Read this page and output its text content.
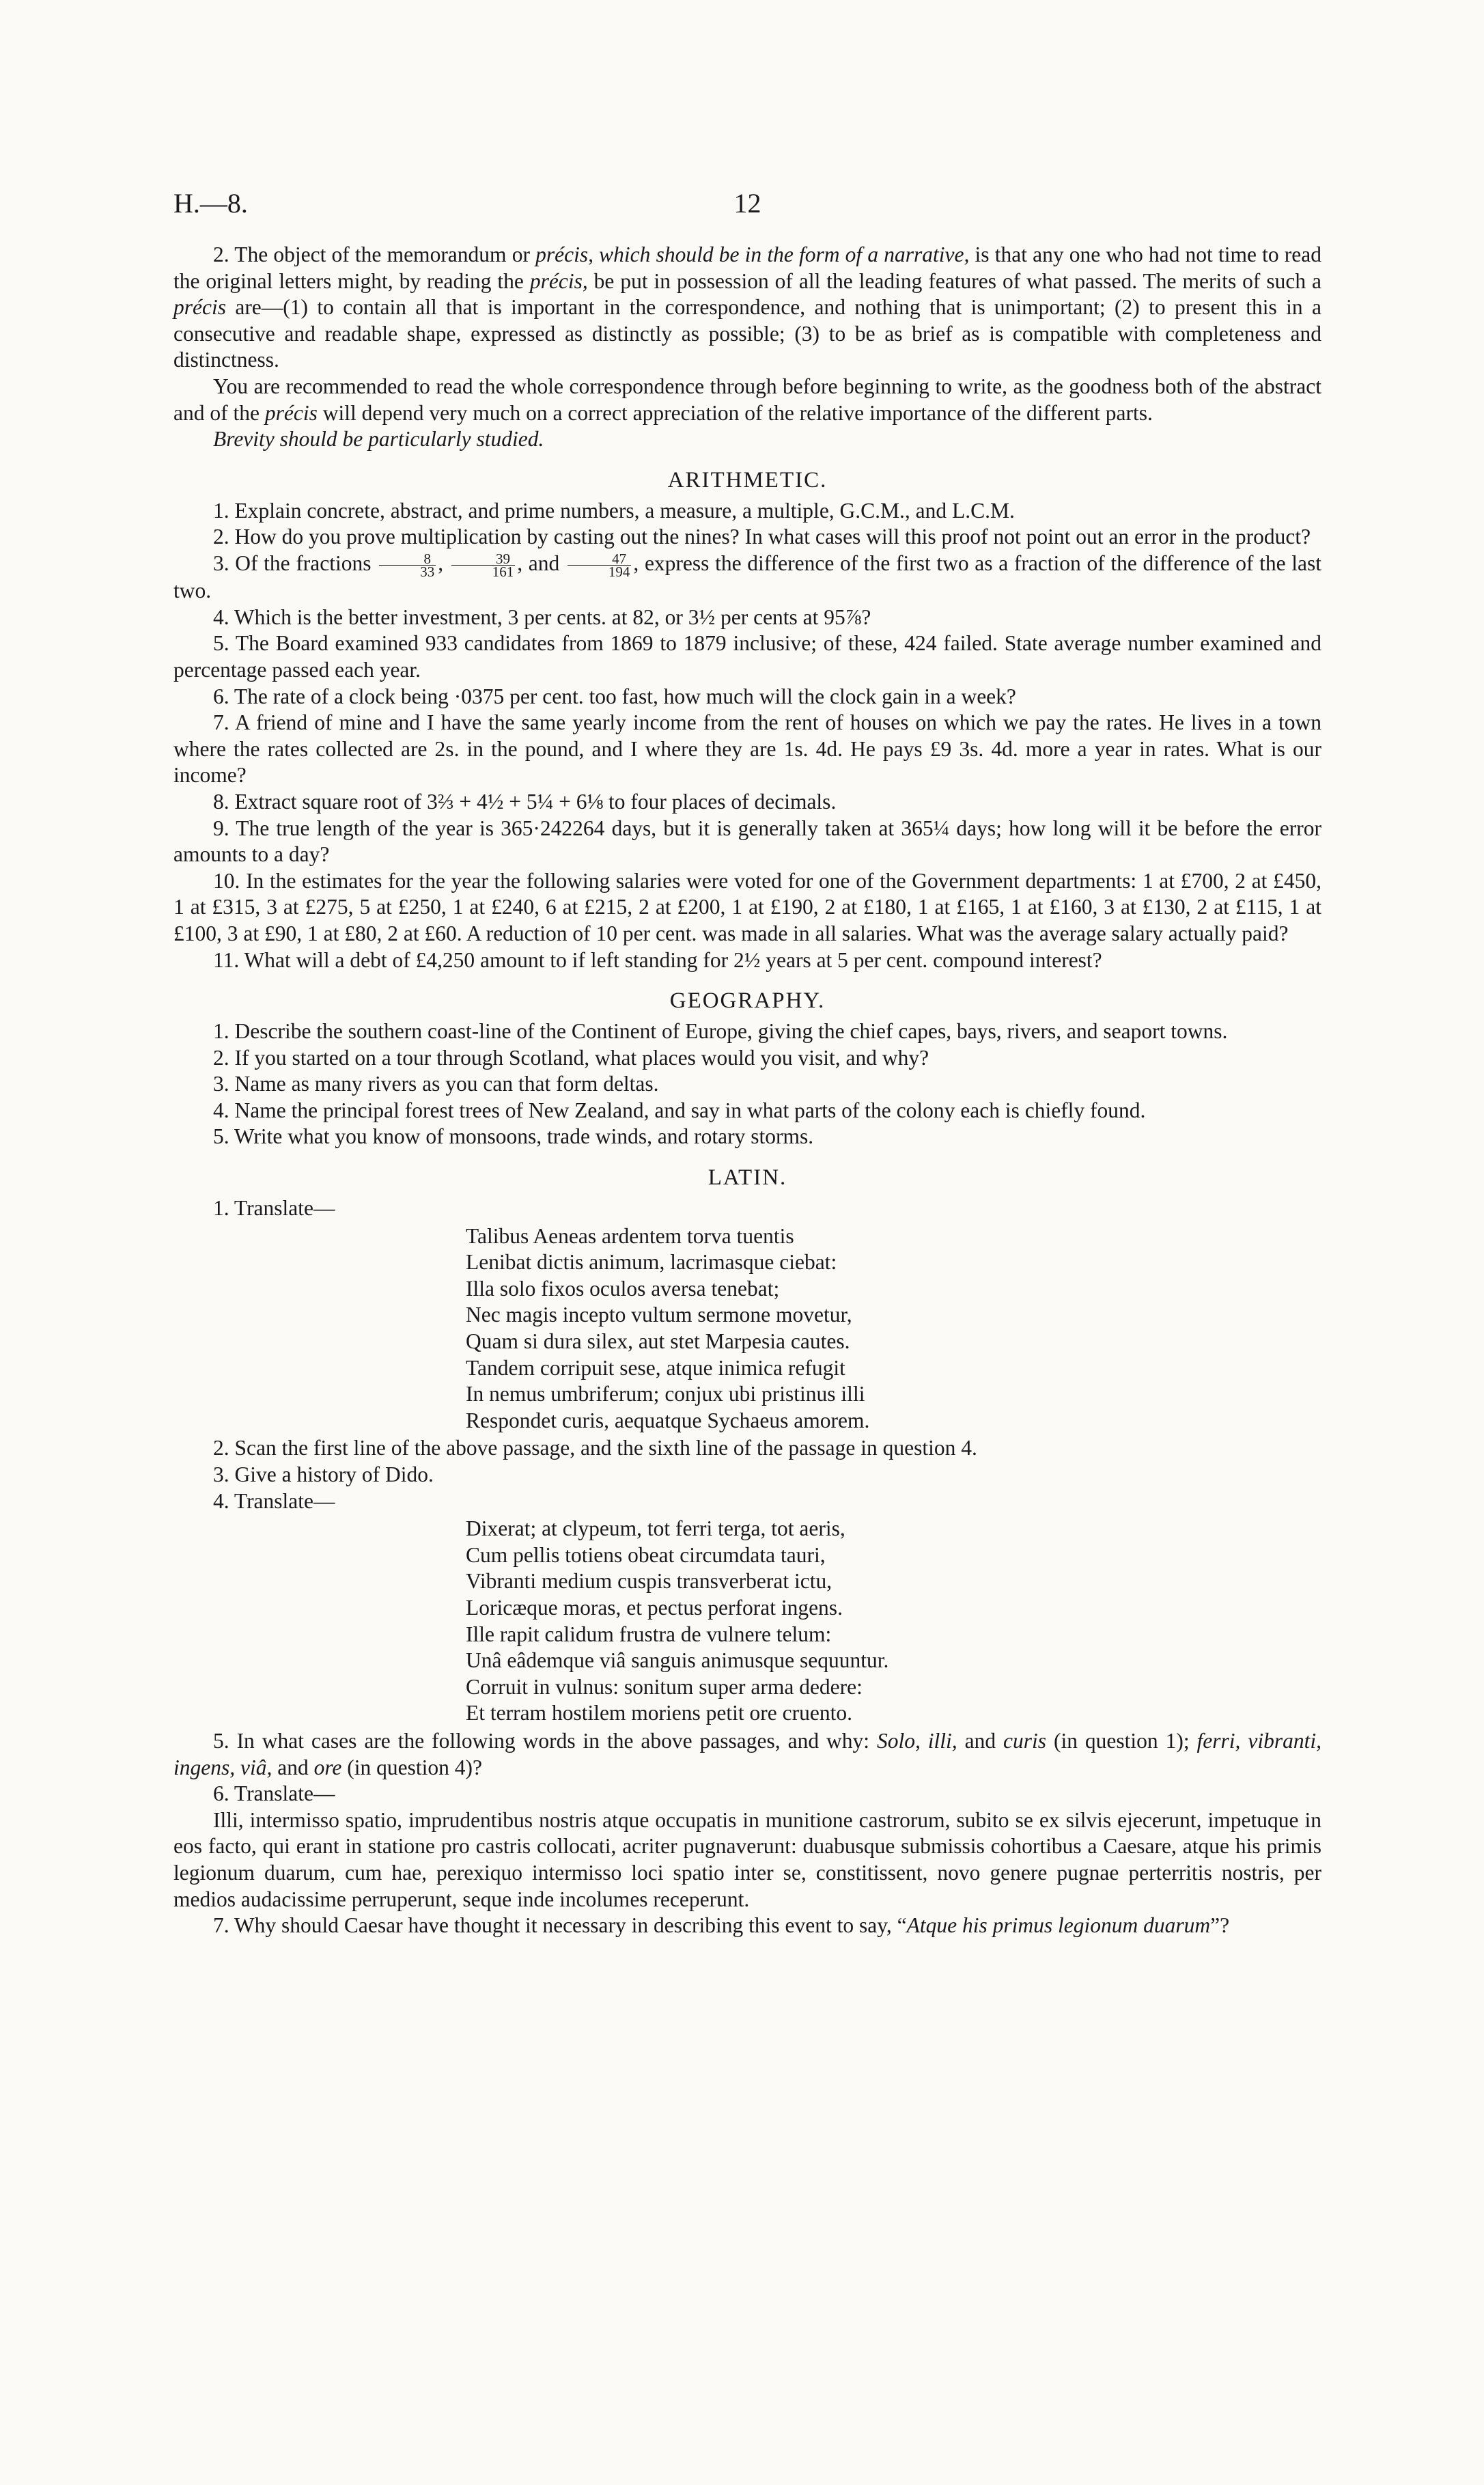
H.—8.	12

2. The object of the memorandum or précis, which should be in the form of a narrative, is that any one who had not time to read the original letters might, by reading the précis, be put in possession of all the leading features of what passed. The merits of such a précis are—(1) to contain all that is important in the correspondence, and nothing that is unimportant; (2) to present this in a consecutive and readable shape, expressed as distinctly as possible; (3) to be as brief as is compatible with completeness and distinctness.

You are recommended to read the whole correspondence through before beginning to write, as the goodness both of the abstract and of the précis will depend very much on a correct appreciation of the relative importance of the different parts.

Brevity should be particularly studied.

ARITHMETIC.

1. Explain concrete, abstract, and prime numbers, a measure, a multiple, G.C.M., and L.C.M.

2. How do you prove multiplication by casting out the nines? In what cases will this proof not point out an error in the product?

3. Of the fractions $\frac{8}{33}$ , $\frac{39}{161}$ , and $\frac{47}{194}$ , express the difference of the first two as a fraction of the difference of the last two.

4. Which is the better investment, 3 per cents. at 82, or 3½ per cents at 95⅞?

5. The Board examined 933 candidates from 1869 to 1879 inclusive; of these, 424 failed. State average number examined and percentage passed each year.

6. The rate of a clock being ·0375 per cent. too fast, how much will the clock gain in a week?

7. A friend of mine and I have the same yearly income from the rent of houses on which we pay the rates. He lives in a town where the rates collected are 2s. in the pound, and I where they are 1s. 4d. He pays £9 3s. 4d. more a year in rates. What is our income?

8. Extract square root of 3⅔ + 4½ + 5¼ + 6⅛ to four places of decimals.

9. The true length of the year is 365·242264 days, but it is generally taken at 365¼ days; how long will it be before the error amounts to a day?

10. In the estimates for the year the following salaries were voted for one of the Government departments: 1 at £700, 2 at £450, 1 at £315, 3 at £275, 5 at £250, 1 at £240, 6 at £215, 2 at £200, 1 at £190, 2 at £180, 1 at £165, 1 at £160, 3 at £130, 2 at £115, 1 at £100, 3 at £90, 1 at £80, 2 at £60. A reduction of 10 per cent. was made in all salaries. What was the average salary actually paid?

11. What will a debt of £4,250 amount to if left standing for 2½ years at 5 per cent. compound interest?

GEOGRAPHY.

1. Describe the southern coast-line of the Continent of Europe, giving the chief capes, bays, rivers, and seaport towns.

2. If you started on a tour through Scotland, what places would you visit, and why?

3. Name as many rivers as you can that form deltas.

4. Name the principal forest trees of New Zealand, and say in what parts of the colony each is chiefly found.

5. Write what you know of monsoons, trade winds, and rotary storms.

LATIN.

1. Translate—

Talibus Aeneas ardentem torva tuentis
Lenibat dictis animum, lacrimasque ciebat:
Illa solo fixos oculos aversa tenebat;
Nec magis incepto vultum sermone movetur,
Quam si dura silex, aut stet Marpesia cautes.
Tandem corripuit sese, atque inimica refugit
In nemus umbriferum; conjux ubi pristinus illi
Respondet curis, aequatque Sychaeus amorem.

2. Scan the first line of the above passage, and the sixth line of the passage in question 4.

3. Give a history of Dido.

4. Translate—

Dixerat; at clypeum, tot ferri terga, tot aeris,
Cum pellis totiens obeat circumdata tauri,
Vibranti medium cuspis transverberat ictu,
Loricæque moras, et pectus perforat ingens.
Ille rapit calidum frustra de vulnere telum:
Unâ eâdemque viâ sanguis animusque sequuntur.
Corruit in vulnus: sonitum super arma dedere:
Et terram hostilem moriens petit ore cruento.

5. In what cases are the following words in the above passages, and why: Solo, illi, and curis (in question 1); ferri, vibranti, ingens, viâ, and ore (in question 4)?

6. Translate—

Illi, intermisso spatio, imprudentibus nostris atque occupatis in munitione castrorum, subito se ex silvis ejecerunt, impetuque in eos facto, qui erant in statione pro castris collocati, acriter pugnaverunt: duabusque submissis cohortibus a Caesare, atque his primis legionum duarum, cum hae, perexiquo intermisso loci spatio inter se, constitissent, novo genere pugnae perterritis nostris, per medios audacissime perruperunt, seque inde incolumes receperunt.

7. Why should Caesar have thought it necessary in describing this event to say, “Atque his primus legionum duarum”?
